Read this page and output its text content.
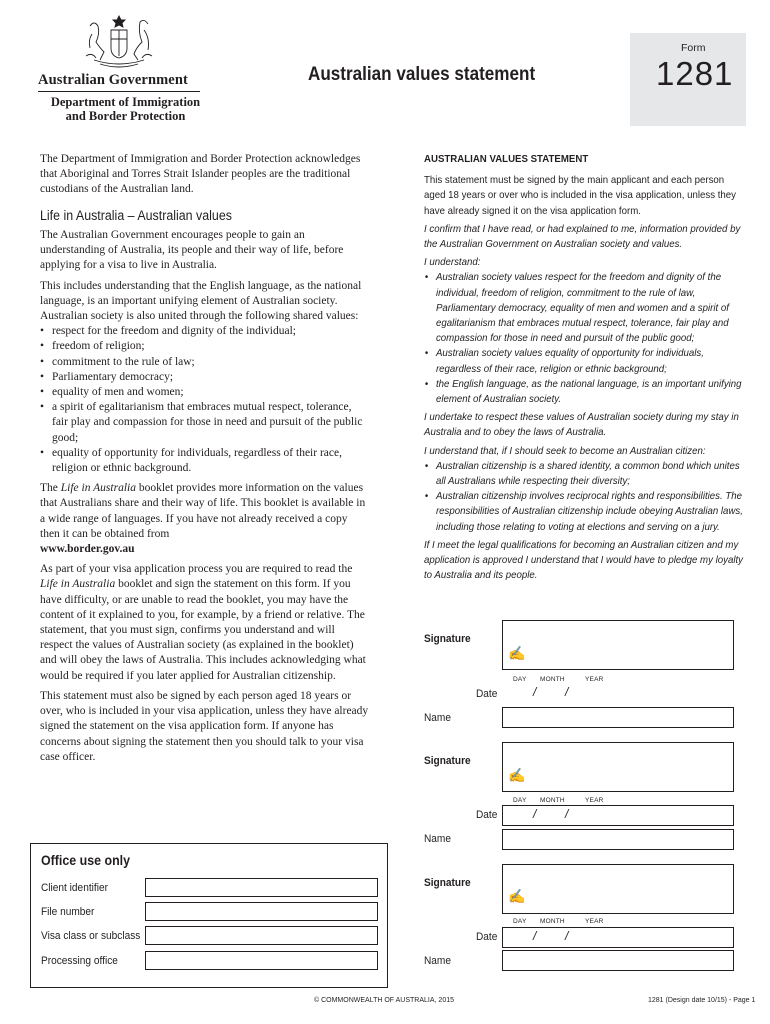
Australian Government
Department of Immigration
and Border Protection
Australian values statement
Form
1281
The Department of Immigration and Border Protection acknowledges that Aboriginal and Torres Strait Islander peoples are the traditional custodians of the Australian land.
Life in Australia – Australian values

The Australian Government encourages people to gain an understanding of Australia, its people and their way of life, before applying for a visa to live in Australia.

This includes understanding that the English language, as the national language, is an important unifying element of Australian society. Australian society is also united through the following shared values:

• respect for the freedom and dignity of the individual;
• freedom of religion;
• commitment to the rule of law;
• Parliamentary democracy;
• equality of men and women;
• a spirit of egalitarianism that embraces mutual respect, tolerance, fair play and compassion for those in need and pursuit of the public good;
• equality of opportunity for individuals, regardless of their race, religion or ethnic background.

The Life in Australia booklet provides more information on the values that Australians share and their way of life. This booklet is available in a wide range of languages. If you have not already received a copy then it can be obtained from
www.border.gov.au

As part of your visa application process you are required to read the Life in Australia booklet and sign the statement on this form. If you have difficulty, or are unable to read the booklet, you may have the content of it explained to you, for example, by a friend or relative. The statement, that you must sign, confirms you understand and will respect the values of Australian society (as explained in the booklet) and will obey the laws of Australia. This includes acknowledging what would be required if you later applied for Australian citizenship.

This statement must also be signed by each person aged 18 years or over, who is included in your visa application, unless they have already signed the statement on the visa application form. If anyone has concerns about signing the statement then you should talk to your visa case officer.

Office use only
Client identifier
File number
Visa class or subclass
Processing office
AUSTRALIAN VALUES STATEMENT

This statement must be signed by the main applicant and each person aged 18 years or over who is included in the visa application, unless they have already signed it on the visa application form.

I confirm that I have read, or had explained to me, information provided by the Australian Government on Australian society and values.

I understand:

• Australian society values respect for the freedom and dignity of the individual, freedom of religion, commitment to the rule of law, Parliamentary democracy, equality of men and women and a spirit of egalitarianism that embraces mutual respect, tolerance, fair play and compassion for those in need and pursuit of the public good;
• Australian society values equality of opportunity for individuals, regardless of their race, religion or ethnic background;
• the English language, as the national language, is an important unifying element of Australian society.

I undertake to respect these values of Australian society during my stay in Australia and to obey the laws of Australia.

I understand that, if I should seek to become an Australian citizen:

• Australian citizenship is a shared identity, a common bond which unites all Australians while respecting their diversity;
• Australian citizenship involves reciprocal rights and responsibilities. The responsibilities of Australian citizenship include obeying Australian laws, including those relating to voting at elections and serving on a jury.

If I meet the legal qualifications for becoming an Australian citizen and my application is approved I understand that I would have to pledge my loyalty to Australia and its people.

Signature
✍
DAY MONTH	YEAR
Date	/ /
Name
Signature
✍
DAY MONTH	YEAR
Date	/ /
Name
Signature
✍
DAY MONTH	YEAR
Date	/ /
Name
© COMMONWEALTH OF AUSTRALIA, 2015	1281 (Design date 10/15) - Page 1
